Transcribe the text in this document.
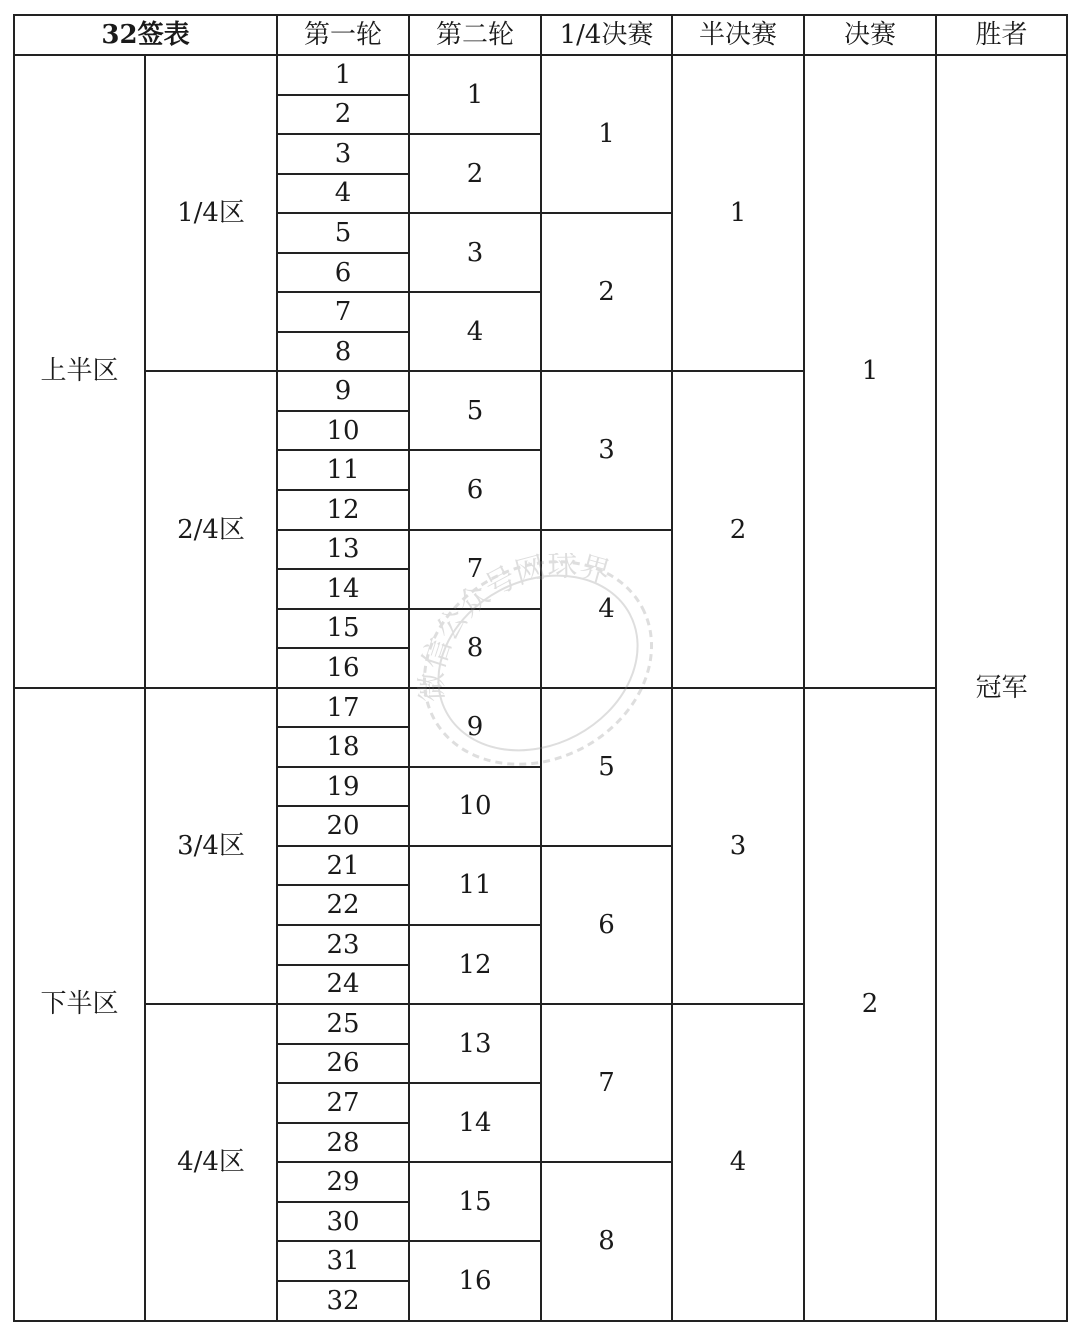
32签表		第一轮	第二轮	1/4决赛	半决赛	决赛	胜者
上半区	1/4区	1	1	1	1	1	冠军
		2					
		3	2				
		4					
		5	3	2			
		6					
		7	4				
		8					
	2/4区	9	5	3	2		
		10					
		11	6				
		12					
		13	7	4			
		14					
		15	8				
		16					
下半区	3/4区	17	9	5	3	2	
		18					
		19	10				
		20					
		21	11	6			
		22					
		23	12				
		24					
	4/4区	25	13	7	4		
		26					
		27	14				
		28					
		29	15	8			
		30					
		31	16				
		32					
微信公众号网球界
